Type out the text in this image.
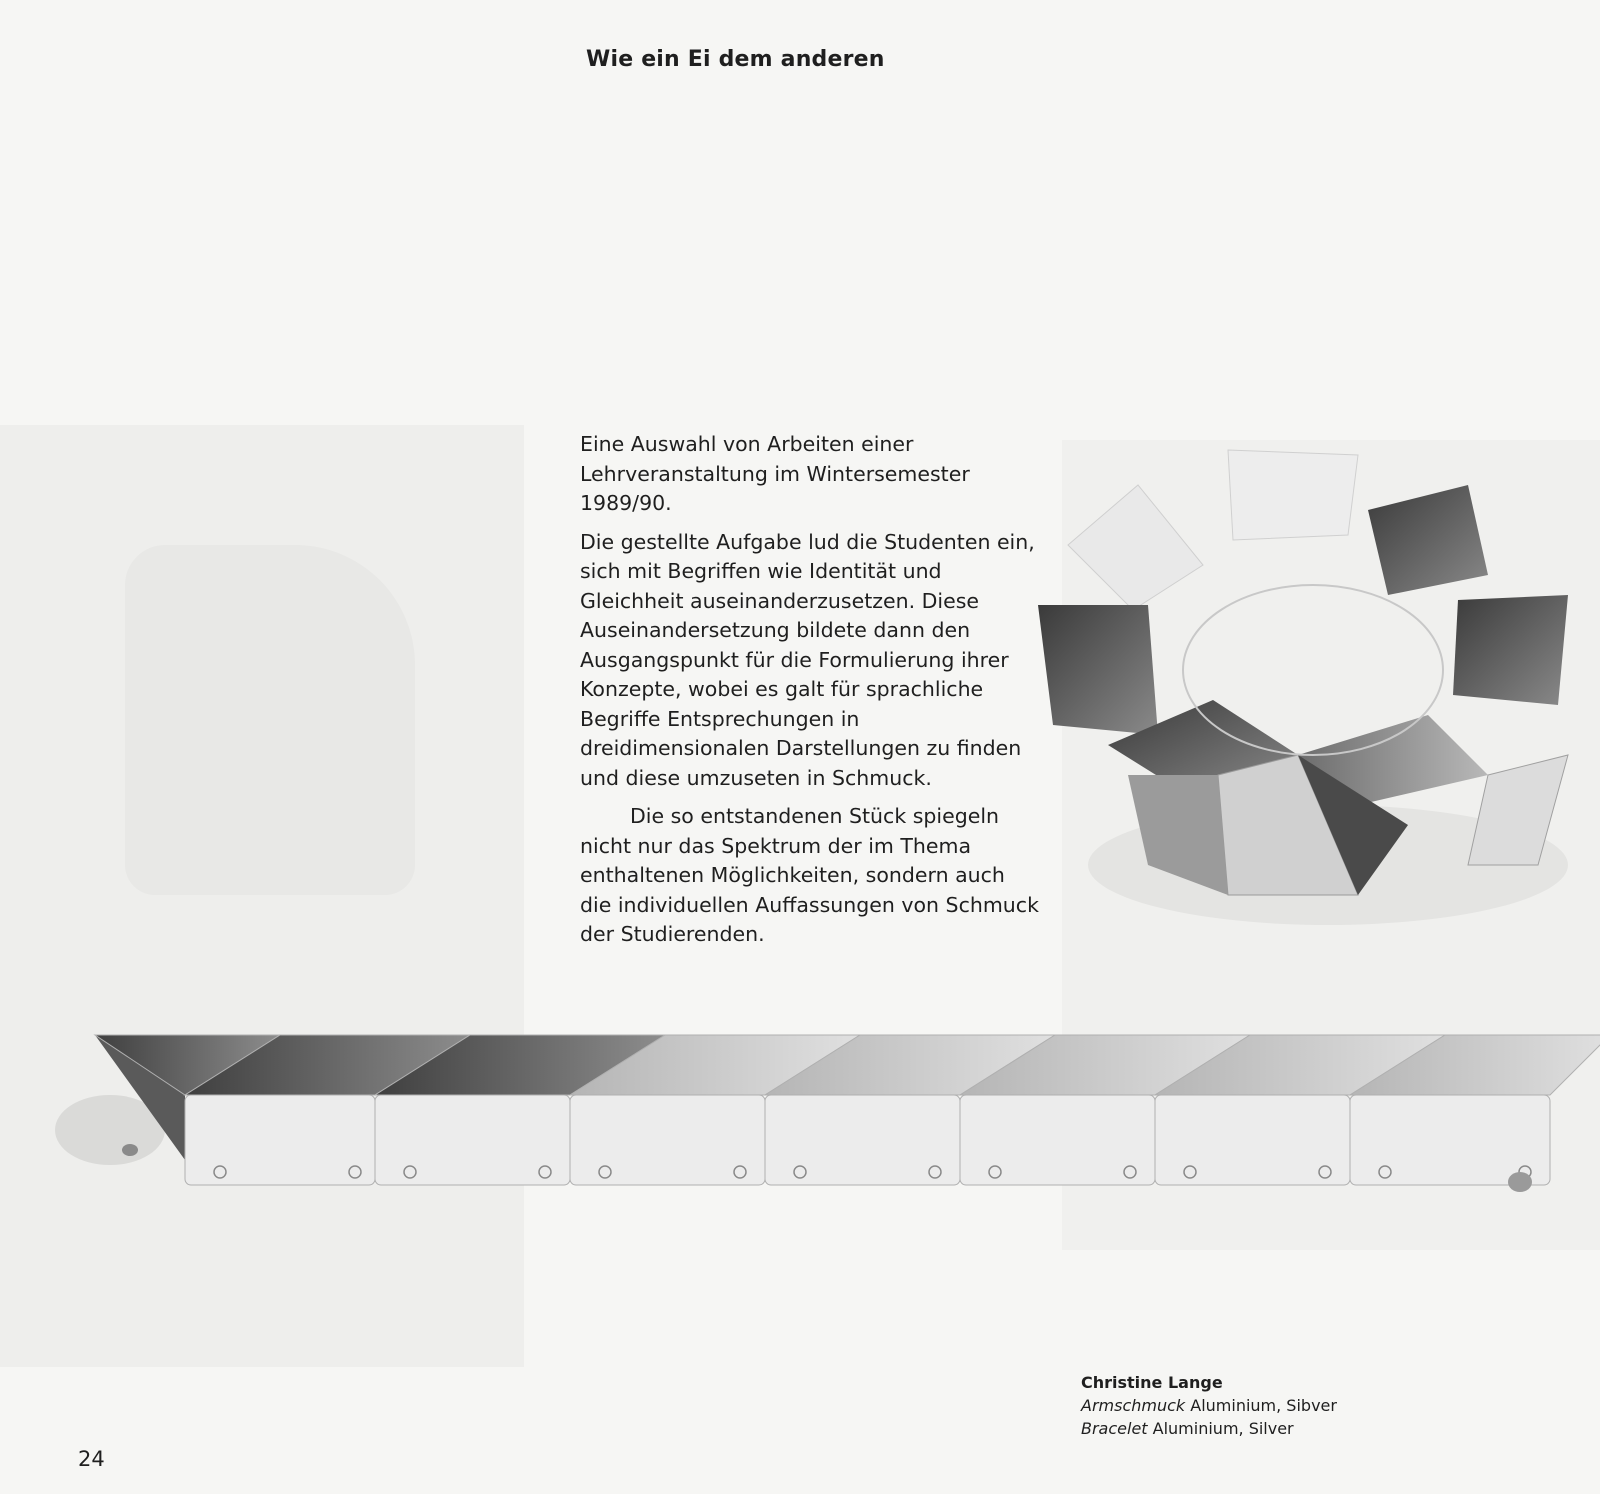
Wie ein Ei dem anderen

Eine Auswahl von Arbeiten einer Lehrveranstaltung im Wintersemester 1989/90.

Die gestellte Aufgabe lud die Studenten ein, sich mit Begriffen wie Identität und Gleichheit auseinanderzusetzen. Diese Auseinandersetzung bildete dann den Ausgangspunkt für die Formulierung ihrer Konzepte, wobei es galt für sprachliche Begriffe Entsprechungen in dreidimensionalen Darstellungen zu finden und diese umzuseten in Schmuck.

Die so entstandenen Stück spiegeln nicht nur das Spektrum der im Thema enthaltenen Möglichkeiten, sondern auch die individuellen Auffassungen von Schmuck der Studierenden.

Christine Lange
Armschmuck Aluminium, Sibver
Bracelet Aluminium, Silver
24
